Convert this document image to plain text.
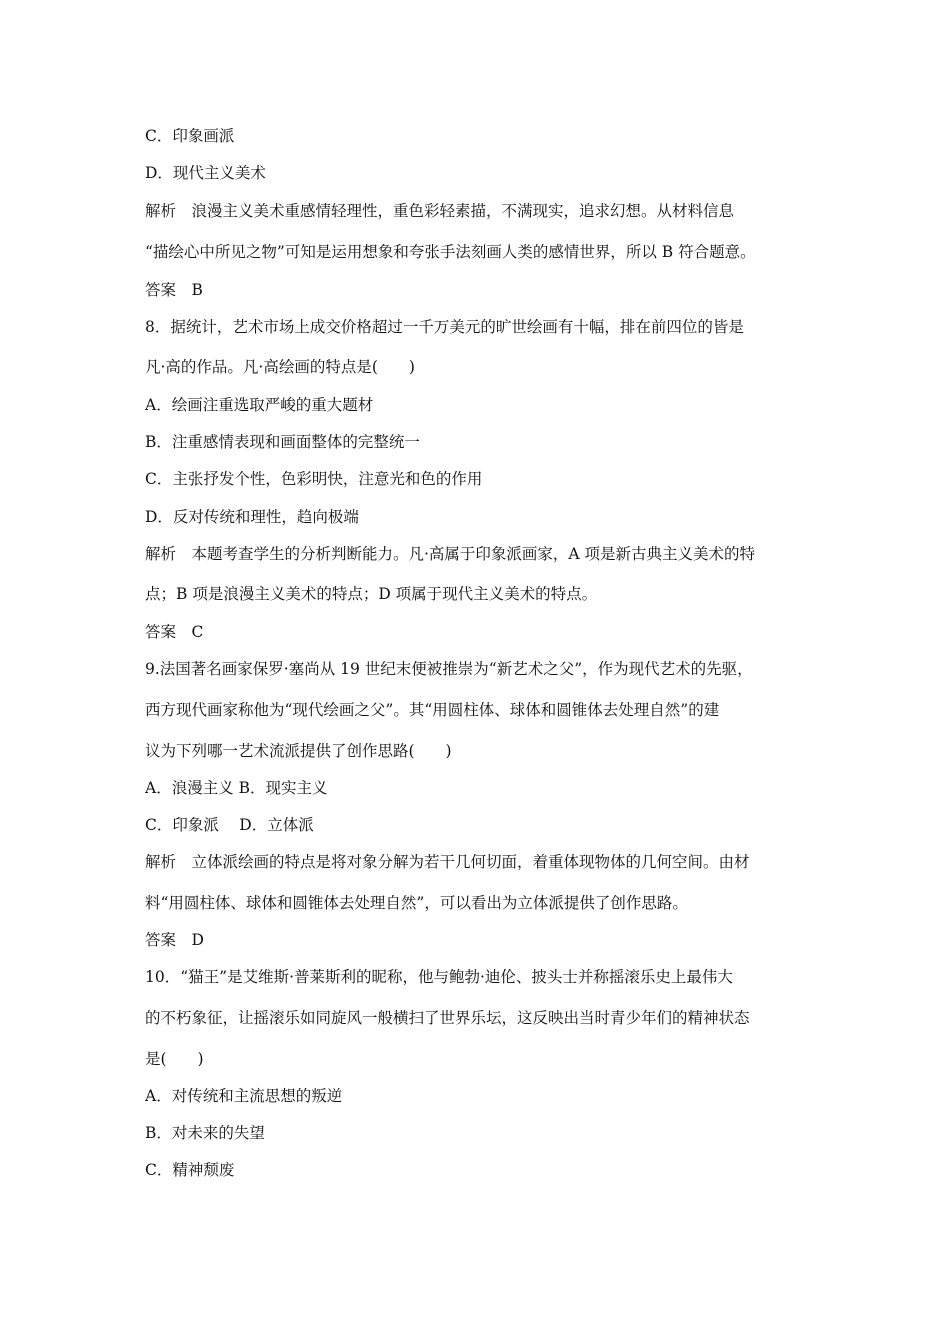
C．印象画派
D．现代主义美术
解析　浪漫主义美术重感情轻理性，重色彩轻素描，不满现实，追求幻想。从材料信息
“描绘心中所见之物”可知是运用想象和夸张手法刻画人类的感情世界，所以 B 符合题意。
答案　B
8．据统计，艺术市场上成交价格超过一千万美元的旷世绘画有十幅，排在前四位的皆是
凡·高的作品。凡·高绘画的特点是(　　)
A．绘画注重选取严峻的重大题材
B．注重感情表现和画面整体的完整统一
C．主张抒发个性，色彩明快，注意光和色的作用
D．反对传统和理性，趋向极端
解析　本题考查学生的分析判断能力。凡·高属于印象派画家，A 项是新古典主义美术的特
点；B 项是浪漫主义美术的特点；D 项属于现代主义美术的特点。
答案　C
9.法国著名画家保罗·塞尚从 19 世纪末便被推崇为“新艺术之父”，作为现代艺术的先驱，
西方现代画家称他为“现代绘画之父”。其“用圆柱体、球体和圆锥体去处理自然”的建
议为下列哪一艺术流派提供了创作思路(　　)
A．浪漫主义 B．现实主义
C．印象派　 D．立体派
解析　立体派绘画的特点是将对象分解为若干几何切面，着重体现物体的几何空间。由材
料“用圆柱体、球体和圆锥体去处理自然”，可以看出为立体派提供了创作思路。
答案　D
10．“猫王”是艾维斯·普莱斯利的昵称，他与鲍勃·迪伦、披头士并称摇滚乐史上最伟大
的不朽象征，让摇滚乐如同旋风一般横扫了世界乐坛，这反映出当时青少年们的精神状态
是(　　)
A．对传统和主流思想的叛逆
B．对未来的失望
C．精神颓废
